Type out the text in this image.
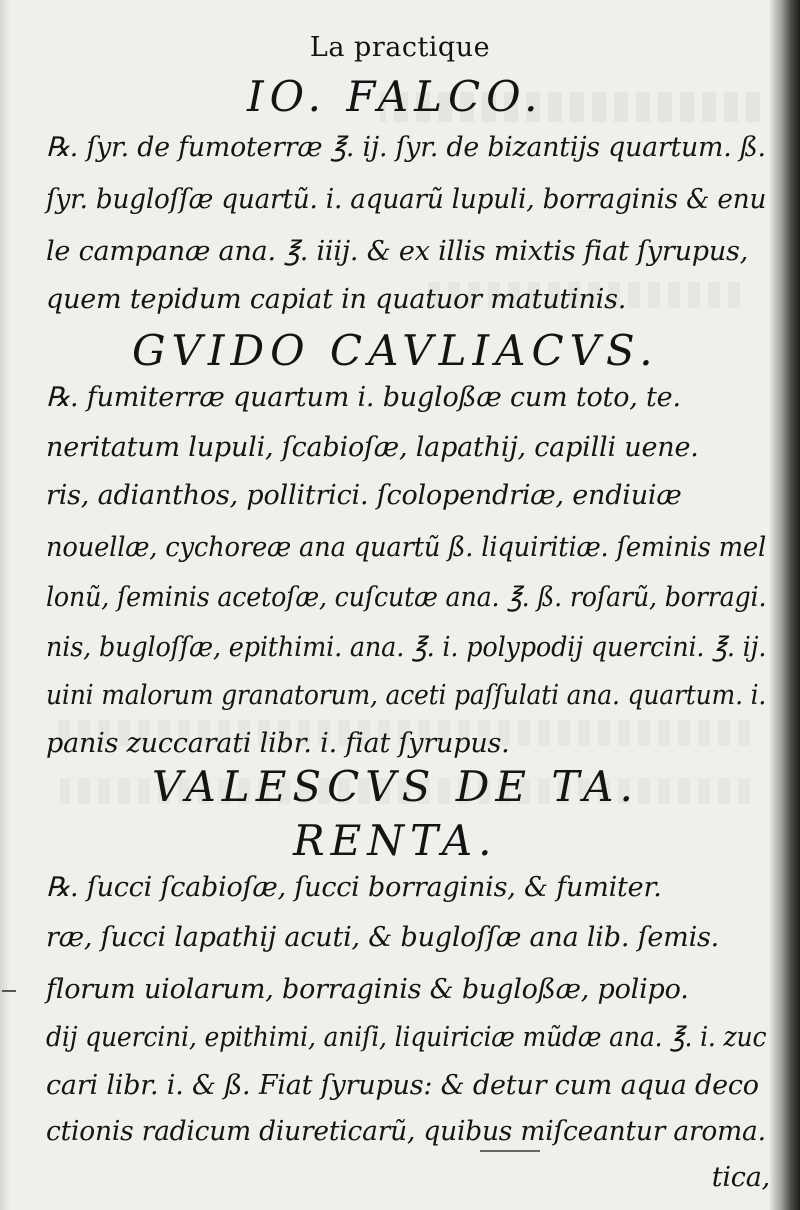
La practique
IO. FALCO.
℞. ſyr. de fumoterræ ℥. ij. ſyr. de bizantijs quartum. ß.
ſyr. bugloſſæ quartũ. i. aquarũ lupuli, borraginis & enu
le campanæ ana. ℥. iiij. & ex illis mixtis fiat ſyrupus,
quem tepidum capiat in quatuor matutinis.
GVIDO CAVLIACVS.
℞. fumiterræ quartum i. bugloßæ cum toto, te.
neritatum lupuli, ſcabioſæ, lapathij, capilli uene.
ris, adianthos, pollitrici. ſcolopendriæ, endiuiæ
nouellæ, cychoreæ ana quartũ ß. liquiritiæ. ſeminis mel
lonũ, ſeminis acetoſæ, cuſcutæ ana. ℥. ß. roſarũ, borragi.
nis, bugloſſæ, epithimi. ana. ℥. i. polypodij quercini. ℥. ij.
uini malorum granatorum, aceti paſſulati ana. quartum. i.
panis zuccarati libr. i. fiat ſyrupus.
VALESCVS DE TA.
RENTA.
℞. ſucci ſcabioſæ, ſucci borraginis, & fumiter.
ræ, ſucci lapathij acuti, & bugloſſæ ana lib. ſemis.
florum uiolarum, borraginis & bugloßæ, polipo.
dij quercini, epithimi, aniſi, liquiriciæ mũdæ ana. ℥. i. zuc
cari libr. i. & ß. Fiat ſyrupus: & detur cum aqua deco
ctionis radicum diureticarũ, quibus miſceantur aroma.
tica,
